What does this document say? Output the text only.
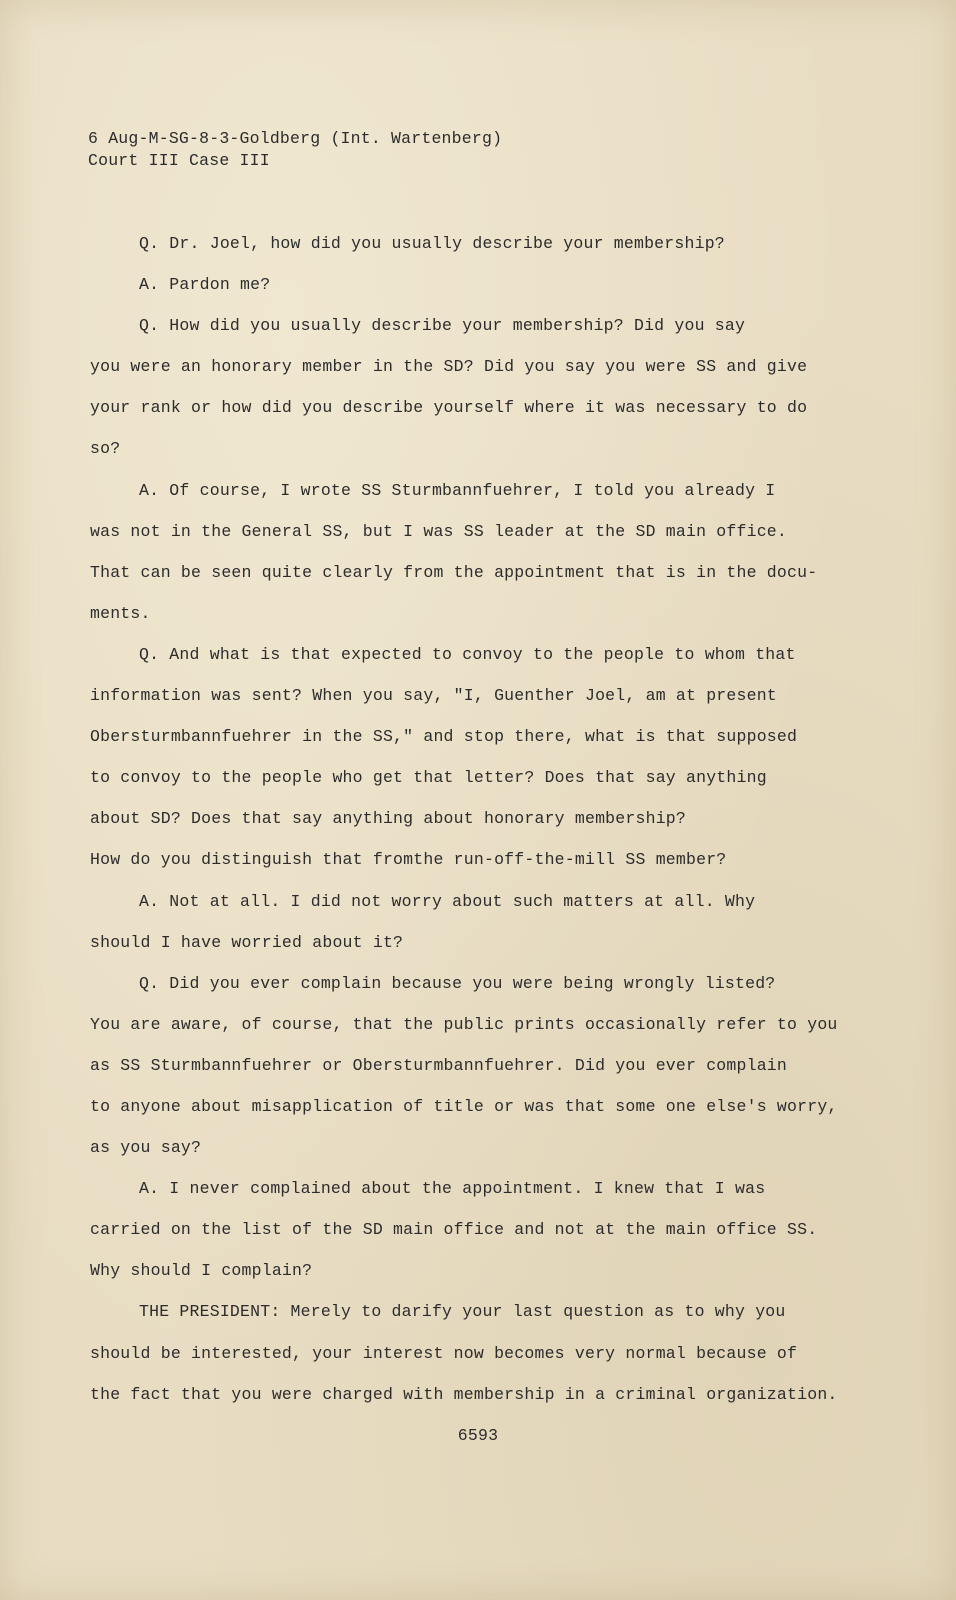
6 Aug-M-SG-8-3-Goldberg (Int. Wartenberg)
Court III Case III
Q. Dr. Joel, how did you usually describe your membership?
A. Pardon me?
Q. How did you usually describe your membership? Did you say
you were an honorary member in the SD? Did you say you were SS and give
your rank or how did you describe yourself where it was necessary to do
so?
A. Of course, I wrote SS Sturmbannfuehrer, I told you already I
was not in the General SS, but I was SS leader at the SD main office.
That can be seen quite clearly from the appointment that is in the docu-
ments.
Q. And what is that expected to convoy to the people to whom that
information was sent? When you say, "I, Guenther Joel, am at present
Obersturmbannfuehrer in the SS," and stop there, what is that supposed
to convoy to the people who get that letter? Does that say anything
about SD? Does that say anything about honorary membership?
How do you distinguish that fromthe run-off-the-mill SS member?
A. Not at all. I did not worry about such matters at all. Why
should I have worried about it?
Q. Did you ever complain because you were being wrongly listed?
You are aware, of course, that the public prints occasionally refer to you
as SS Sturmbannfuehrer or Obersturmbannfuehrer. Did you ever complain
to anyone about misapplication of title or was that some one else's worry,
as you say?
A. I never complained about the appointment. I knew that I was
carried on the list of the SD main office and not at the main office SS.
Why should I complain?
THE PRESIDENT: Merely to darify your last question as to why you
should be interested, your interest now becomes very normal because of
the fact that you were charged with membership in a criminal organization.
6593
